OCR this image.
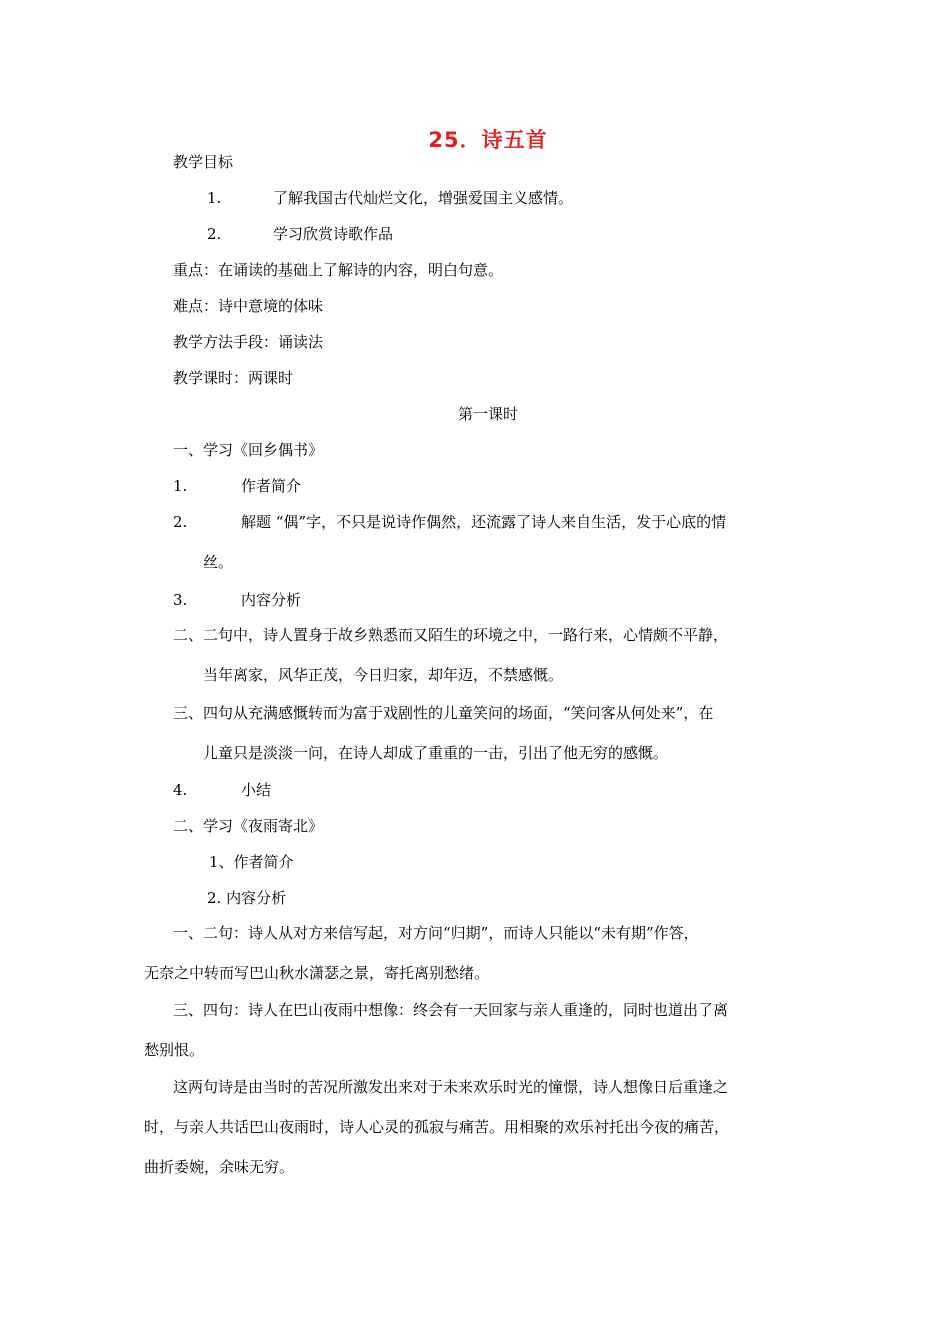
25．诗五首
教学目标
1.	了解我国古代灿烂文化，增强爱国主义感情。
2.	学习欣赏诗歌作品
重点：在诵读的基础上了解诗的内容，明白句意。
难点：诗中意境的体味
教学方法手段：诵读法
教学课时：两课时
第一课时
一、学习《回乡偶书》
1.	作者简介
2.	解题 “偶”字，不只是说诗作偶然，还流露了诗人来自生活，发于心底的情
丝。
3.	内容分析
二、二句中，诗人置身于故乡熟悉而又陌生的环境之中，一路行来，心情颇不平静，
当年离家，风华正茂，今日归家，却年迈，不禁感慨。
三、四句从充满感慨转而为富于戏剧性的儿童笑问的场面，“笑问客从何处来”，在
儿童只是淡淡一问，在诗人却成了重重的一击，引出了他无穷的感慨。
4.	小结
二、学习《夜雨寄北》
1、作者简介
2. 内容分析
一、二句：诗人从对方来信写起，对方问“归期”，而诗人只能以“未有期”作答，
无奈之中转而写巴山秋水潇瑟之景，寄托离别愁绪。
三、四句：诗人在巴山夜雨中想像：终会有一天回家与亲人重逢的，同时也道出了离
愁别恨。
这两句诗是由当时的苦况所激发出来对于未来欢乐时光的憧憬，诗人想像日后重逢之
时，与亲人共话巴山夜雨时，诗人心灵的孤寂与痛苦。用相聚的欢乐衬托出今夜的痛苦，
曲折委婉，余味无穷。
